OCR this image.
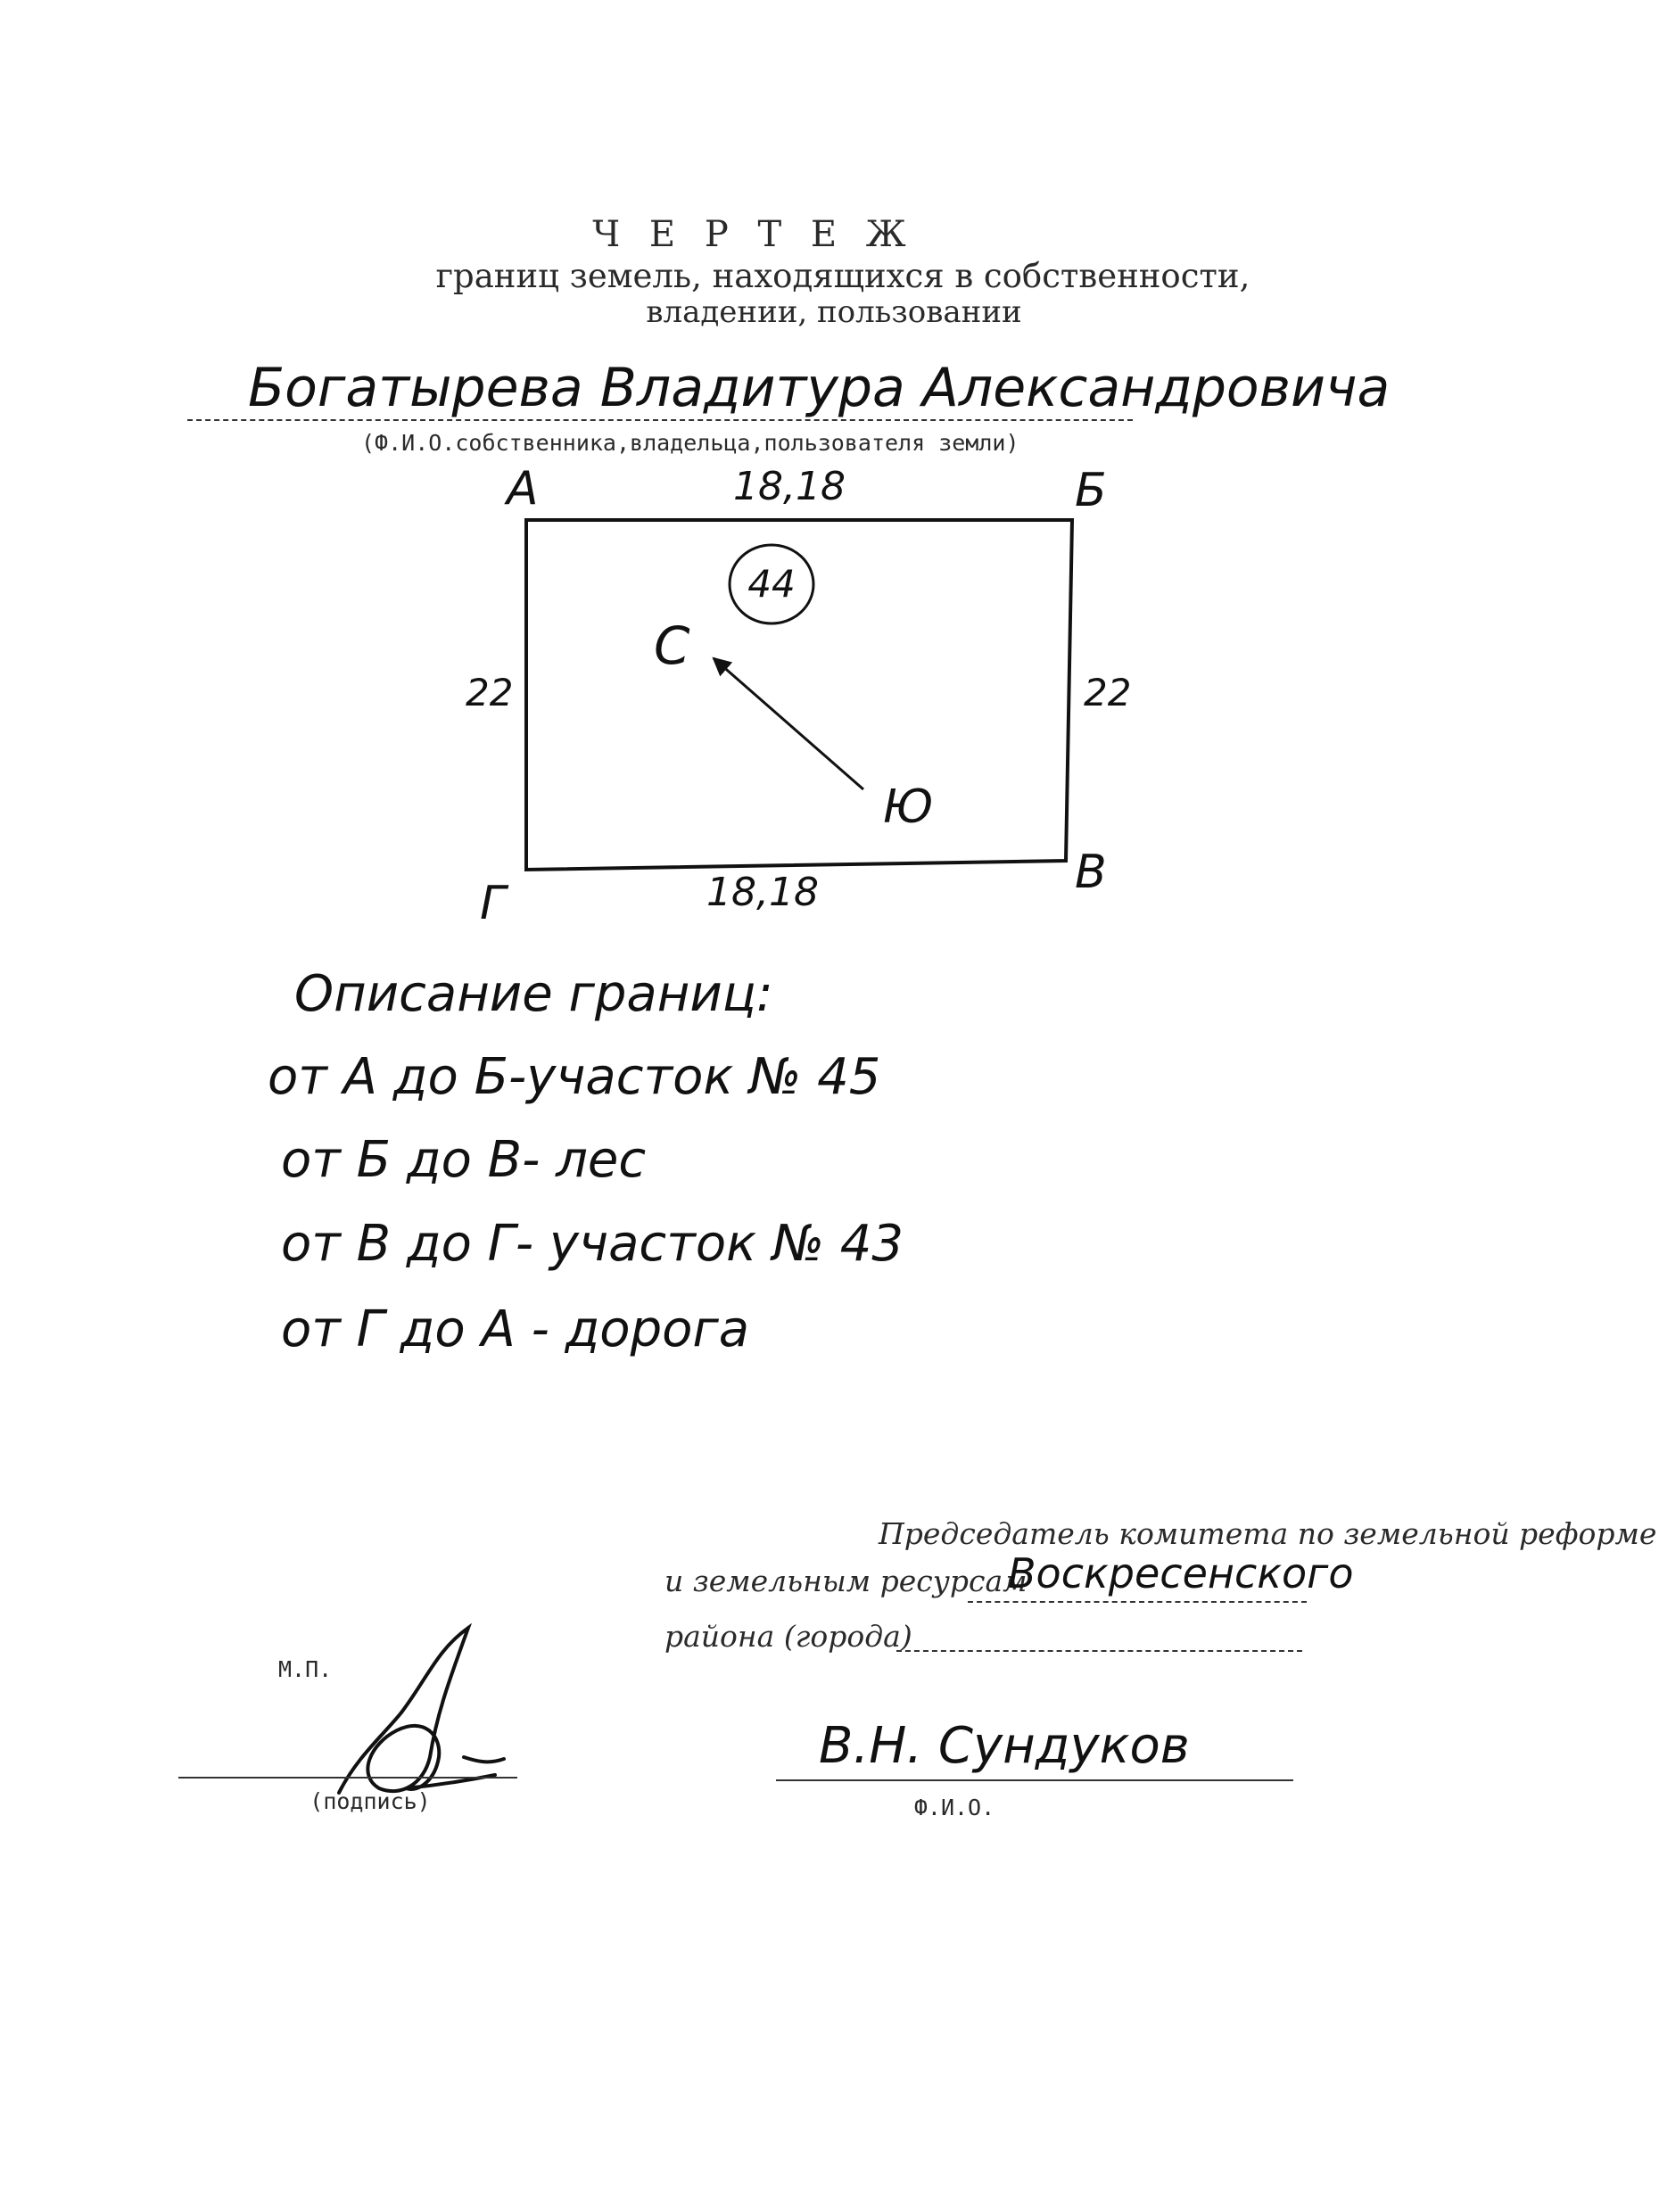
Ч Е Р Т Е Ж
границ земель, находящихся в собственности,
владении, пользовании
Богатырева Владитура Александровича
(Ф.И.О.собственника,владельца,пользователя земли)
А	Б
В
Г
18,18
18,18
22	22
44
С
Ю
Описание границ:
от А до Б-участок № 45
от Б до В- лес
от В до Г- участок № 43
от Г до А - дорога
Председатель комитета по земельной реформе
и земельным ресурсам
Воскресенского
района (города)
М.П.
(подпись)
В.Н. Сундуков
Ф.И.О.
